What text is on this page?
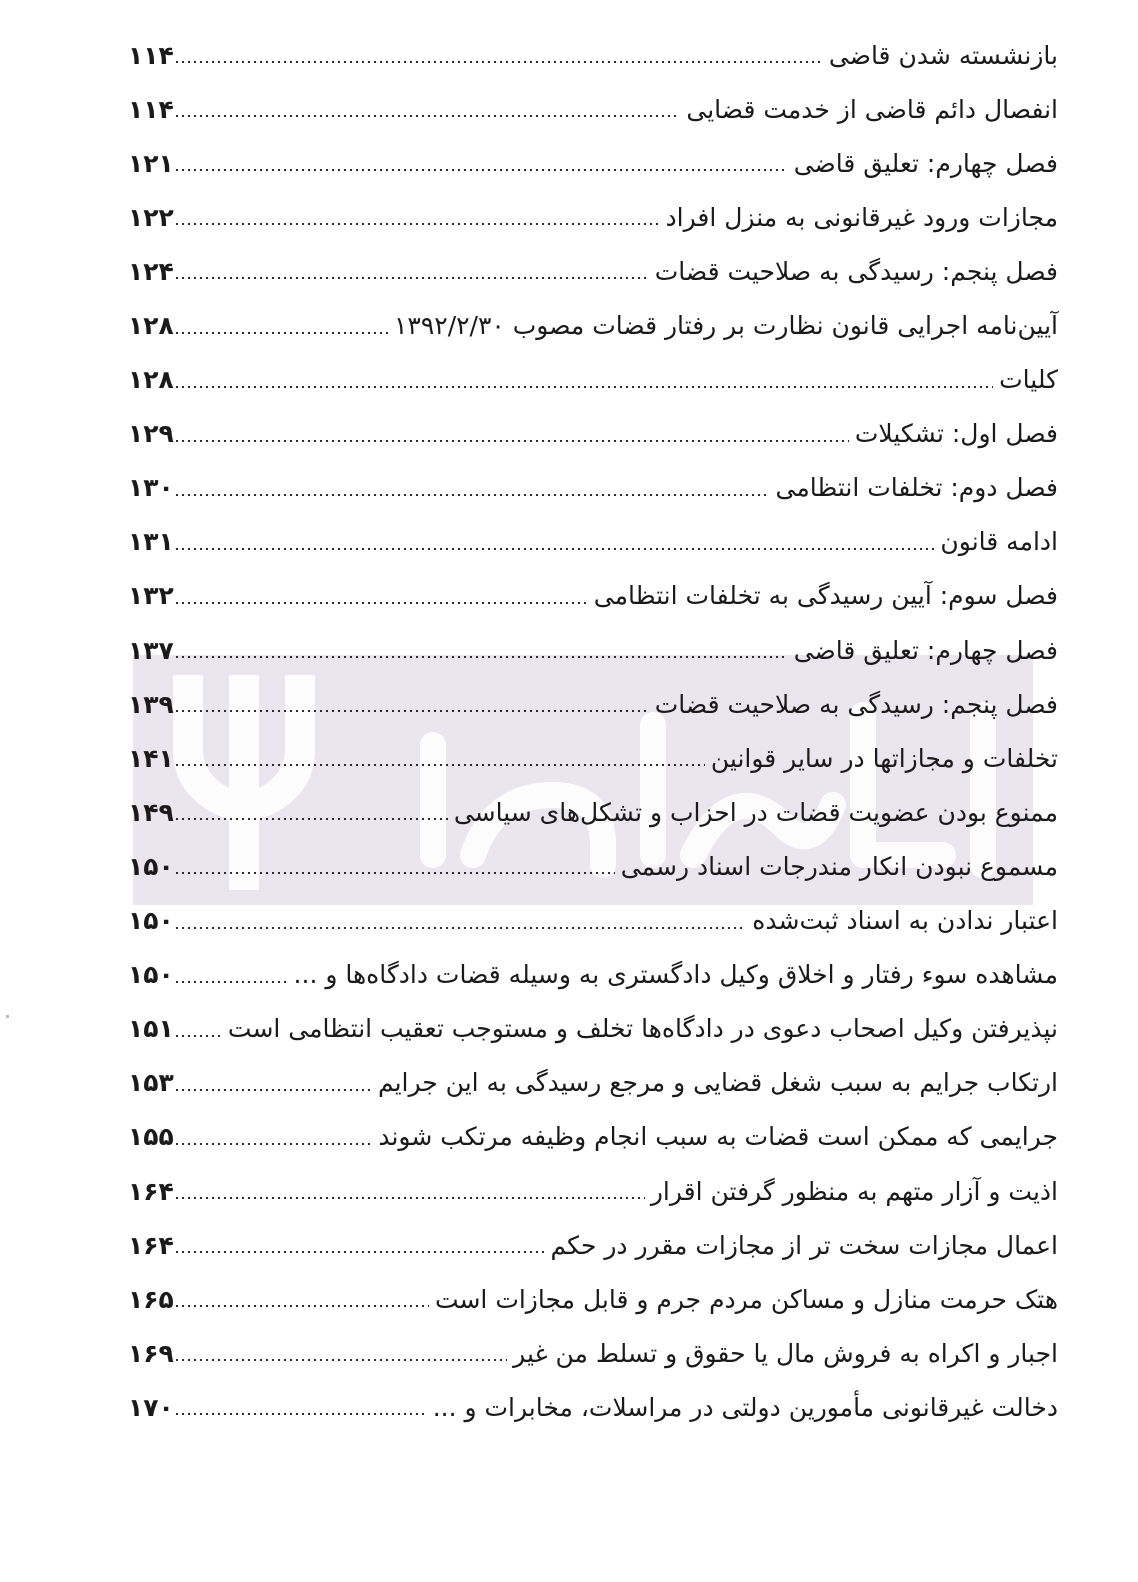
بازنشسته شدن قاضی
۱۱۴
انفصال دائم قاضی از خدمت قضایی
۱۱۴
فصل چهارم: تعلیق قاضی
۱۲۱
مجازات ورود غیرقانونی به منزل افراد
۱۲۲
فصل پنجم: رسیدگی به صلاحیت قضات
۱۲۴
آیین‌نامه اجرایی قانون نظارت بر رفتار قضات مصوب ۱۳۹۲/۲/۳۰
۱۲۸
کلیات
۱۲۸
فصل اول: تشکیلات
۱۲۹
فصل دوم: تخلفات انتظامی
۱۳۰
ادامه قانون
۱۳۱
فصل سوم: آیین رسیدگی به تخلفات انتظامی
۱۳۲
فصل چهارم: تعلیق قاضی
۱۳۷
فصل پنجم: رسیدگی به صلاحیت قضات
۱۳۹
تخلفات و مجازاتها در سایر قوانین
۱۴۱
ممنوع بودن عضویت قضات در احزاب و تشکل‌های سیاسی
۱۴۹
مسموع نبودن انکار مندرجات اسناد رسمی
۱۵۰
اعتبار ندادن به اسناد ثبت‌شده
۱۵۰
مشاهده سوء رفتار و اخلاق وکیل دادگستری به وسیله قضات دادگاه‌ها و ...
۱۵۰
نپذیرفتن وکیل اصحاب دعوی در دادگاه‌ها تخلف و مستوجب تعقیب انتظامی است
۱۵۱
ارتکاب جرایم به سبب شغل قضایی و مرجع رسیدگی به این جرایم
۱۵۳
جرایمی که ممکن است قضات به سبب انجام وظیفه مرتکب شوند
۱۵۵
اذیت و آزار متهم به منظور گرفتن اقرار
۱۶۴
اعمال مجازات سخت تر از مجازات مقرر در حکم
۱۶۴
هتک حرمت منازل و مساکن مردم جرم و قابل مجازات است
۱۶۵
اجبار و اکراه به فروش مال یا حقوق و تسلط من غیر
۱۶۹
دخالت غیرقانونی مأمورین دولتی در مراسلات، مخابرات و ...
۱۷۰
